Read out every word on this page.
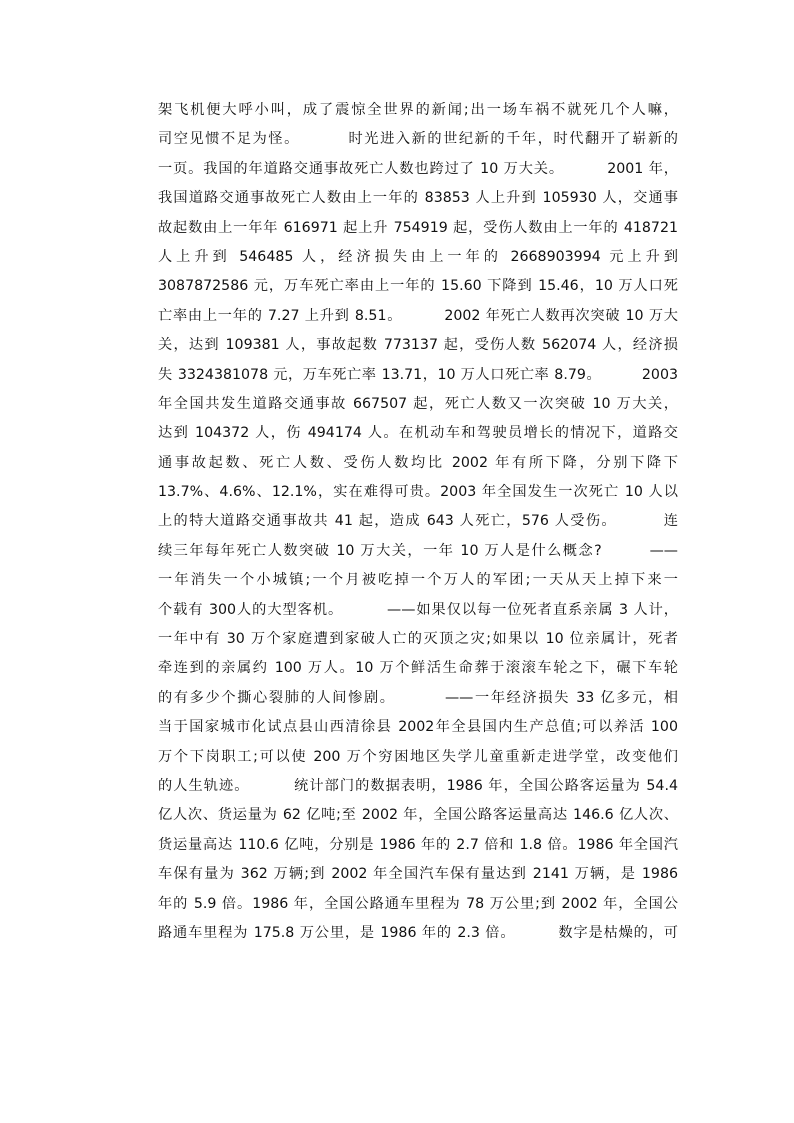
架飞机便大呼小叫，成了震惊全世界的新闻;出一场车祸不就死几个人嘛，
司空见惯不足为怪。        时光进入新的世纪新的千年，时代翻开了崭新的
一页。我国的年道路交通事故死亡人数也跨过了 10 万大关。        2001 年，
我国道路交通事故死亡人数由上一年的 83853 人上升到 105930 人，交通事
故起数由上一年年 616971 起上升 754919 起，受伤人数由上一年的 418721
人上升到 546485 人，经济损失由上一年的 2668903994 元上升到
3087872586 元，万车死亡率由上一年的 15.60 下降到 15.46，10 万人口死
亡率由上一年的 7.27 上升到 8.51。        2002 年死亡人数再次突破 10 万大
关，达到 109381 人，事故起数 773137 起，受伤人数 562074 人，经济损
失 3324381078 元，万车死亡率 13.71，10 万人口死亡率 8.79。        2003
年全国共发生道路交通事故 667507 起，死亡人数又一次突破 10 万大关，
达到 104372 人，伤 494174 人。在机动车和驾驶员增长的情况下，道路交
通事故起数、死亡人数、受伤人数均比 2002 年有所下降，分别下降下
13.7%、4.6%、12.1%，实在难得可贵。2003 年全国发生一次死亡 10 人以
上的特大道路交通事故共 41 起，造成 643 人死亡，576 人受伤。        连
续三年每年死亡人数突破 10 万大关，一年 10 万人是什么概念?        ——
一年消失一个小城镇;一个月被吃掉一个万人的军团;一天从天上掉下来一
个载有 300人的大型客机。        ——如果仅以每一位死者直系亲属 3 人计，
一年中有 30 万个家庭遭到家破人亡的灭顶之灾;如果以 10 位亲属计，死者
牵连到的亲属约 100 万人。10 万个鲜活生命葬于滚滚车轮之下，碾下车轮
的有多少个撕心裂肺的人间惨剧。        ——一年经济损失 33 亿多元，相
当于国家城市化试点县山西清徐县 2002年全县国内生产总值;可以养活 100
万个下岗职工;可以使 200 万个穷困地区失学儿童重新走进学堂，改变他们
的人生轨迹。        统计部门的数据表明，1986 年，全国公路客运量为 54.4
亿人次、货运量为 62 亿吨;至 2002 年，全国公路客运量高达 146.6 亿人次、
货运量高达 110.6 亿吨，分别是 1986 年的 2.7 倍和 1.8 倍。1986 年全国汽
车保有量为 362 万辆;到 2002 年全国汽车保有量达到 2141 万辆，是 1986
年的 5.9 倍。1986 年，全国公路通车里程为 78 万公里;到 2002 年，全国公
路通车里程为 175.8 万公里，是 1986 年的 2.3 倍。        数字是枯燥的，可
